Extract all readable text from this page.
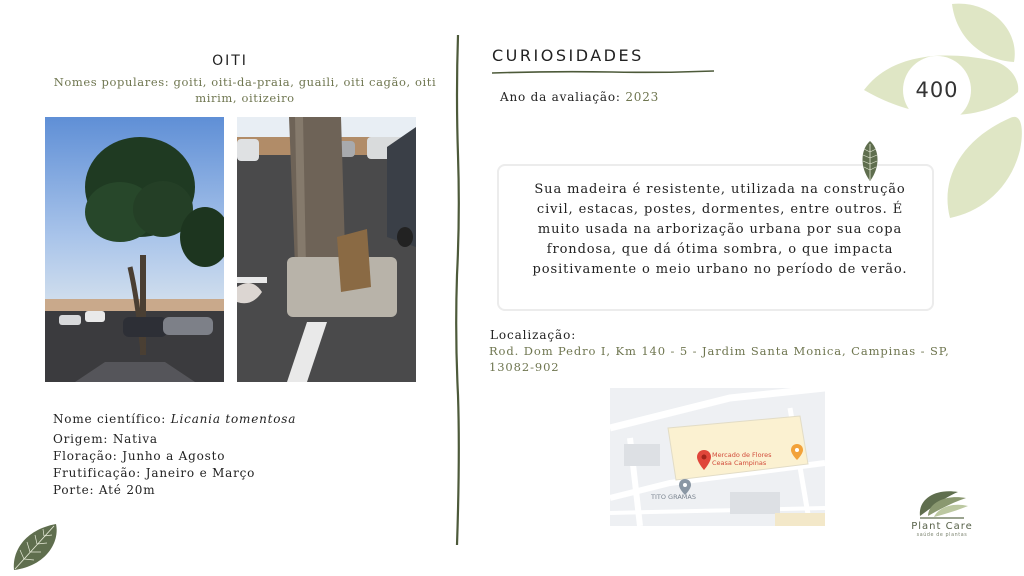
OITI
Nomes populares: goiti, oiti-da-praia, guaili, oiti cagão, oiti mirim, oitizeiro
Nome científico: Licania tomentosa
Origem: Nativa
Floração: Junho a Agosto
Frutificação: Janeiro e Março
Porte: Até 20m
CURIOSIDADES
Ano da avaliação: 2023
Sua madeira é resistente, utilizada na construção civil, estacas, postes, dormentes, entre outros. É muito usada na arborização urbana por sua copa frondosa, que dá ótima sombra, o que impacta positivamente o meio urbano no período de verão.
Localização:
Rod. Dom Pedro I, Km 140 - 5 - Jardim Santa Monica, Campinas - SP, 13082-902
Mercado de Flores Ceasa Campinas
TITO GRAMAS
400
Plant Care
saúde de plantas
